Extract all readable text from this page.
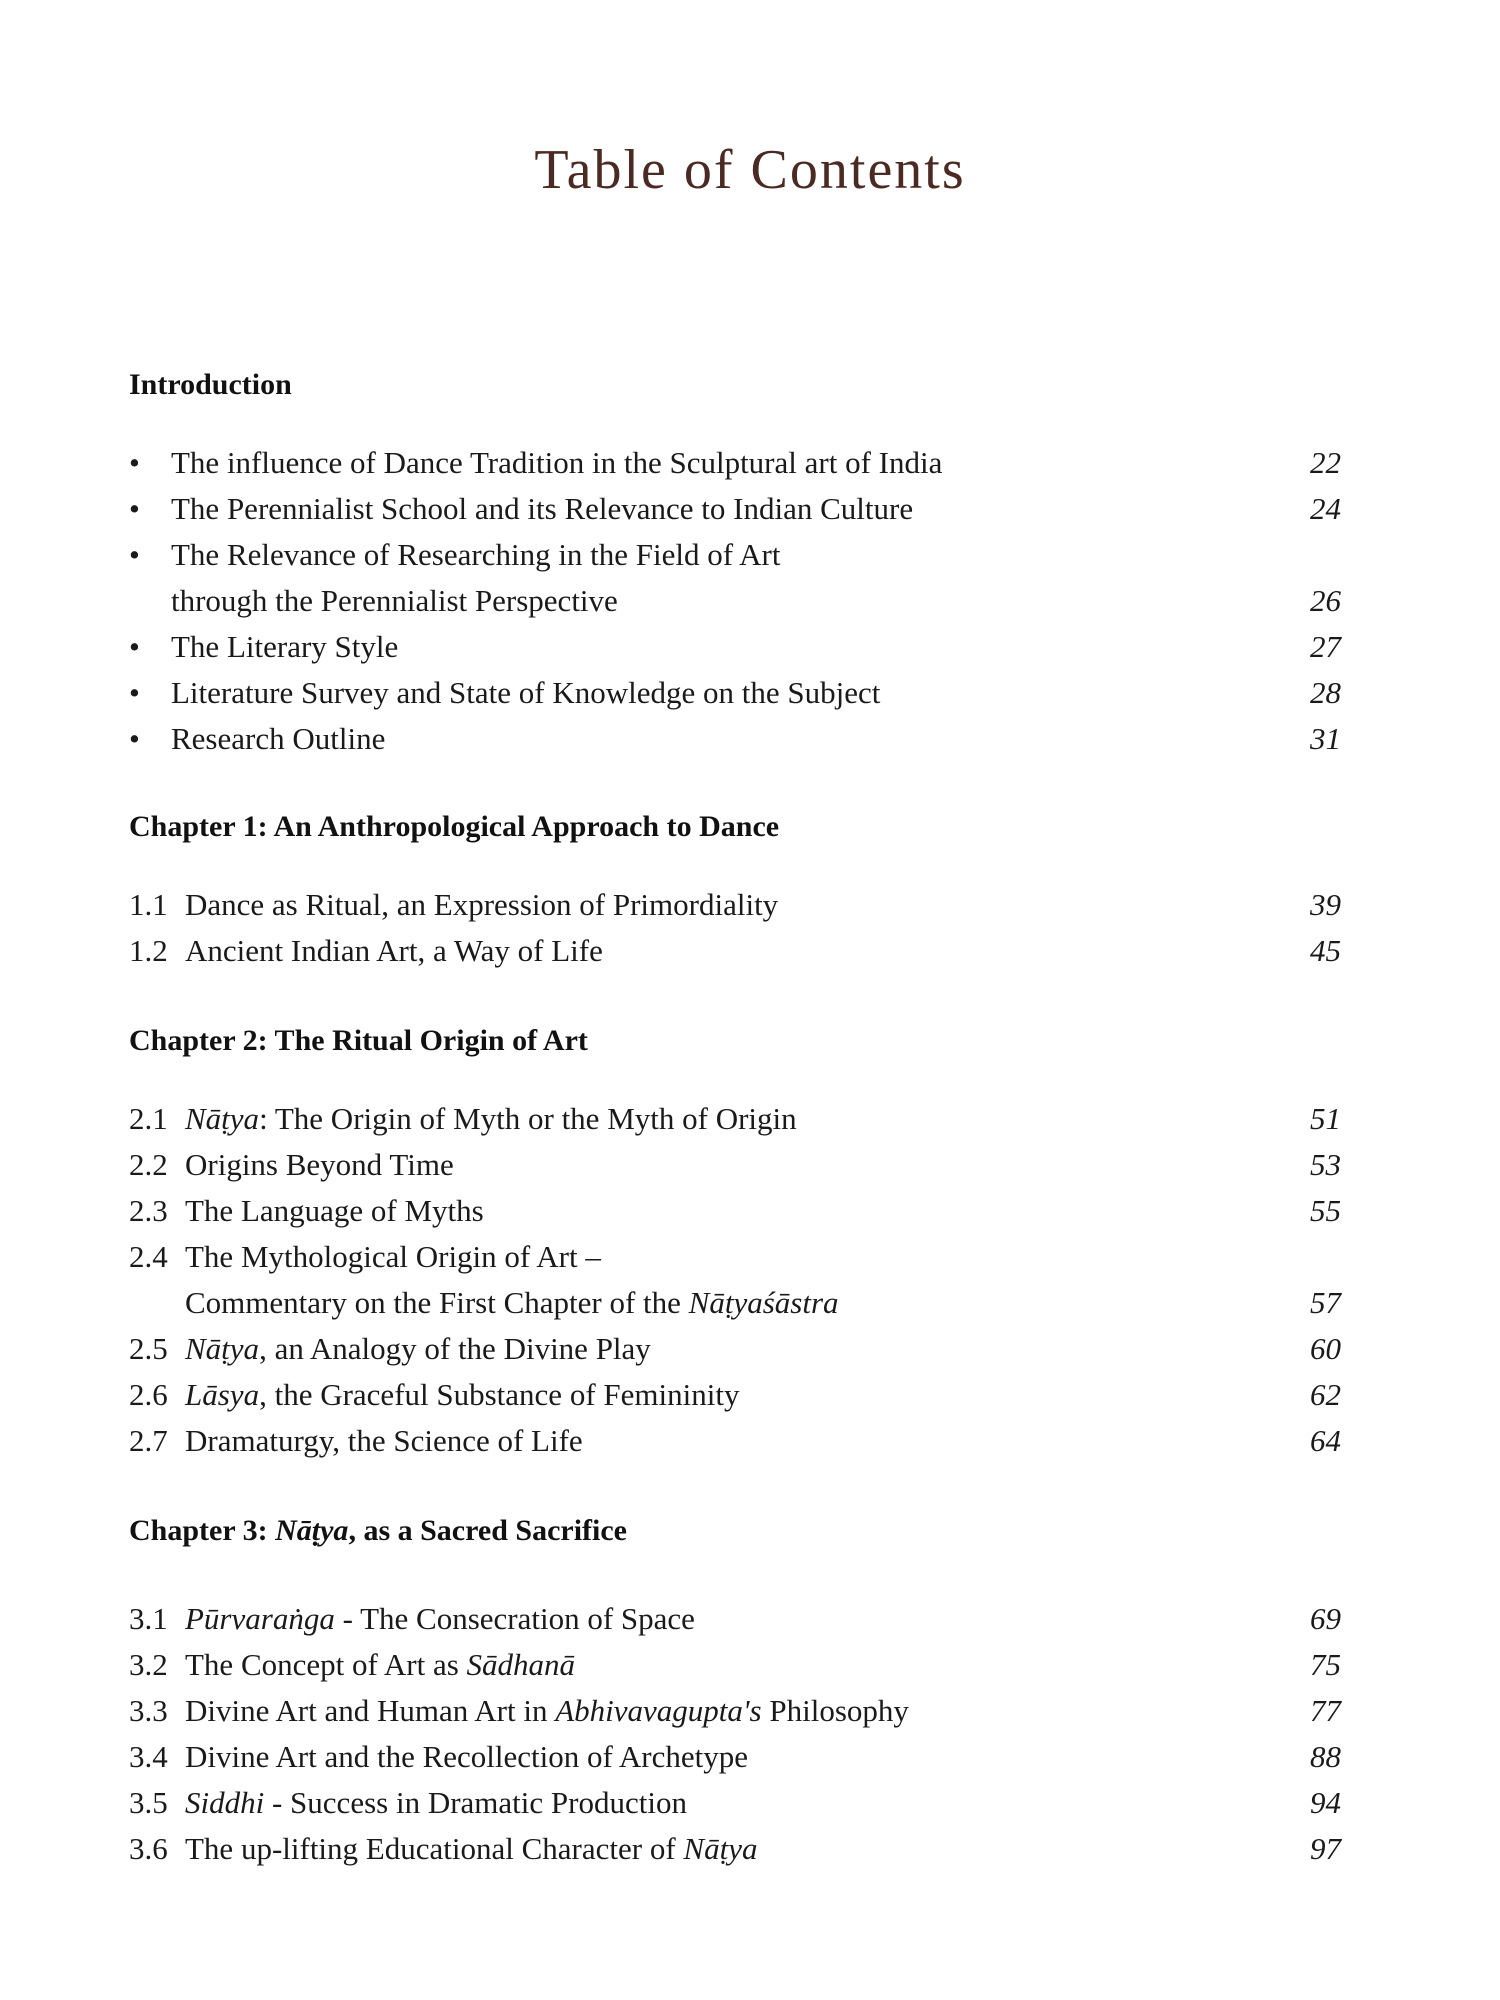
Table of Contents
Introduction
•	The influence of Dance Tradition in the Sculptural art of India	22
•	The Perennialist School and its Relevance to Indian Culture	24
•	The Relevance of Researching in the Field of Art
through the Perennialist Perspective	26
•	The Literary Style	27
•	Literature Survey and State of Knowledge on the Subject	28
•	Research Outline	31
Chapter 1: An Anthropological Approach to Dance
1.1 Dance as Ritual, an Expression of Primordiality	39
1.2 Ancient Indian Art, a Way of Life	45
Chapter 2: The Ritual Origin of Art
2.1 Nāṭya: The Origin of Myth or the Myth of Origin	51
2.2 Origins Beyond Time	53
2.3 The Language of Myths	55
2.4 The Mythological Origin of Art –
Commentary on the First Chapter of the Nāṭyaśāstra	57
2.5 Nāṭya, an Analogy of the Divine Play	60
2.6 Lāsya, the Graceful Substance of Femininity	62
2.7 Dramaturgy, the Science of Life	64
Chapter 3: Nāṭya, as a Sacred Sacrifice
3.1 Pūrvaraṅga - The Consecration of Space	69
3.2 The Concept of Art as Sādhanā	75
3.3 Divine Art and Human Art in Abhivavagupta's Philosophy	77
3.4 Divine Art and the Recollection of Archetype	88
3.5 Siddhi - Success in Dramatic Production	94
3.6 The up-lifting Educational Character of Nāṭya	97
